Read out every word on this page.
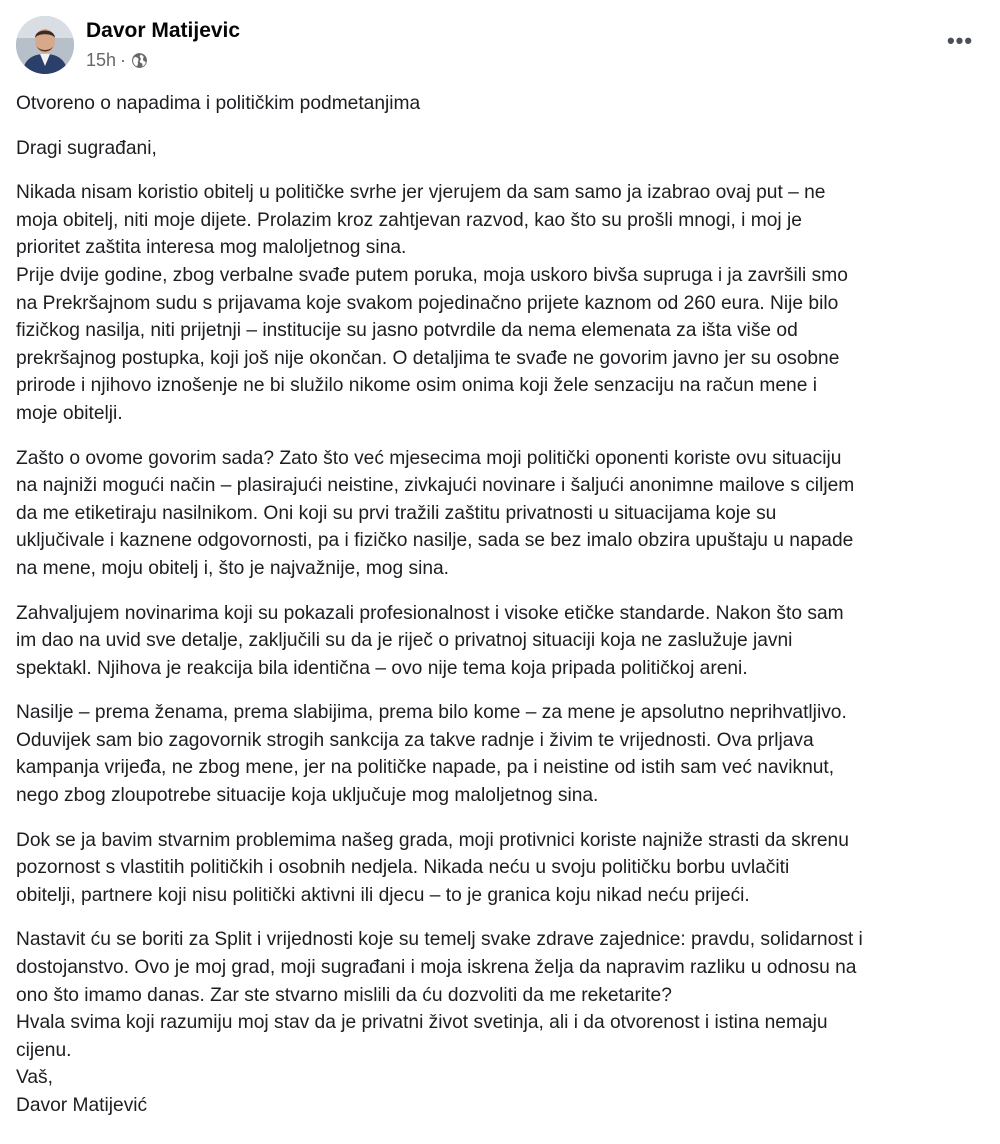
Davor Matijevic
15h ·
•••

Otvoreno o napadima i političkim podmetanjima

Dragi sugrađani,

Nikada nisam koristio obitelj u političke svrhe jer vjerujem da sam samo ja izabrao ovaj put – ne
moja obitelj, niti moje dijete. Prolazim kroz zahtjevan razvod, kao što su prošli mnogi, i moj je
prioritet zaštita interesa mog maloljetnog sina.
Prije dvije godine, zbog verbalne svađe putem poruka, moja uskoro bivša supruga i ja završili smo
na Prekršajnom sudu s prijavama koje svakom pojedinačno prijete kaznom od 260 eura. Nije bilo
fizičkog nasilja, niti prijetnji – institucije su jasno potvrdile da nema elemenata za išta više od
prekršajnog postupka, koji još nije okončan. O detaljima te svađe ne govorim javno jer su osobne
prirode i njihovo iznošenje ne bi služilo nikome osim onima koji žele senzaciju na račun mene i
moje obitelji.

Zašto o ovome govorim sada? Zato što već mjesecima moji politički oponenti koriste ovu situaciju
na najniži mogući način – plasirajući neistine, zivkajući novinare i šaljući anonimne mailove s ciljem
da me etiketiraju nasilnikom. Oni koji su prvi tražili zaštitu privatnosti u situacijama koje su
uključivale i kaznene odgovornosti, pa i fizičko nasilje, sada se bez imalo obzira upuštaju u napade
na mene, moju obitelj i, što je najvažnije, mog sina.

Zahvaljujem novinarima koji su pokazali profesionalnost i visoke etičke standarde. Nakon što sam
im dao na uvid sve detalje, zaključili su da je riječ o privatnoj situaciji koja ne zaslužuje javni
spektakl. Njihova je reakcija bila identična – ovo nije tema koja pripada političkoj areni.

Nasilje – prema ženama, prema slabijima, prema bilo kome – za mene je apsolutno neprihvatljivo.
Oduvijek sam bio zagovornik strogih sankcija za takve radnje i živim te vrijednosti. Ova prljava
kampanja vrijeđa, ne zbog mene, jer na političke napade, pa i neistine od istih sam već naviknut,
nego zbog zloupotrebe situacije koja uključuje mog maloljetnog sina.

Dok se ja bavim stvarnim problemima našeg grada, moji protivnici koriste najniže strasti da skrenu
pozornost s vlastitih političkih i osobnih nedjela. Nikada neću u svoju političku borbu uvlačiti
obitelji, partnere koji nisu politički aktivni ili djecu – to je granica koju nikad neću prijeći.

Nastavit ću se boriti za Split i vrijednosti koje su temelj svake zdrave zajednice: pravdu, solidarnost i
dostojanstvo. Ovo je moj grad, moji sugrađani i moja iskrena želja da napravim razliku u odnosu na
ono što imamo danas. Zar ste stvarno mislili da ću dozvoliti da me reketarite?
Hvala svima koji razumiju moj stav da je privatni život svetinja, ali i da otvorenost i istina nemaju
cijenu.
Vaš,
Davor Matijević
